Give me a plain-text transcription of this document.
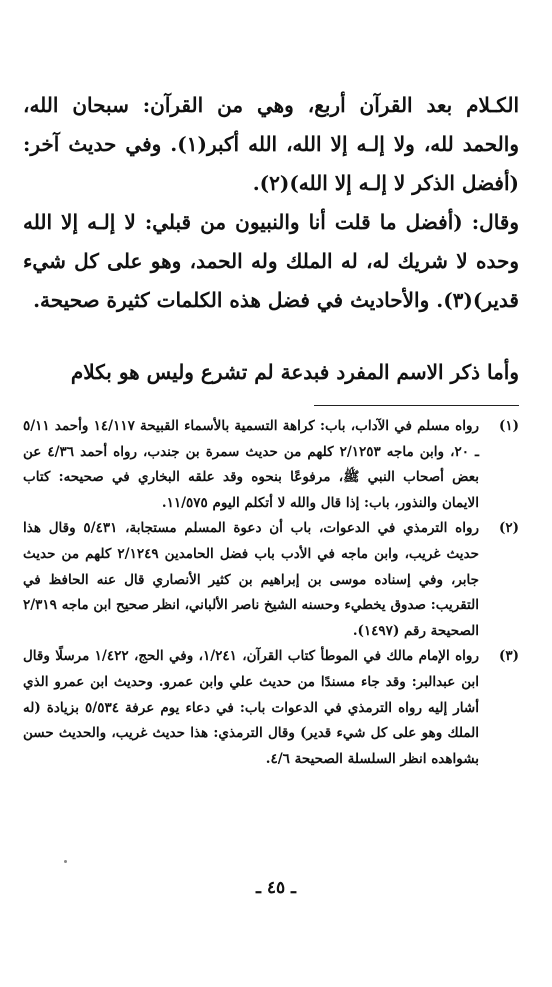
الكـلام بعد القرآن أربع، وهي من القرآن: سبحان الله، والحمد لله، ولا إلـه إلا الله، الله أكبر(١). وفي حديث آخر: (أفضل الذكر لا إلـه إلا الله)(٢).

وقال: (أفضل ما قلت أنا والنبيون من قبلي: لا إلـه إلا الله وحده لا شريك له، له الملك وله الحمد، وهو على كل شيء قدير)(٣). والأحاديث في فضل هذه الكلمات كثيرة صحيحة.

وأما ذكر الاسم المفرد فبدعة لم تشرع وليس هو بكلام

(١)
رواه مسلم في الآداب، باب: كراهة التسمية بالأسماء القبيحة ١٤/١١٧ وأحمد ٥/١١ ـ ٢٠، وابن ماجه ٢/١٢٥٣ كلهم من حديث سمرة بن جندب، رواه أحمد ٤/٣٦ عن بعض أصحاب النبي ﷺ، مرفوعًا بنحوه وقد علقه البخاري في صحيحه: كتاب الايمان والنذور، باب: إذا قال والله لا أتكلم اليوم ١١/٥٧٥.
(٢)
رواه الترمذي في الدعوات، باب أن دعوة المسلم مستجابة، ٥/٤٣١ وقال هذا حديث غريب، وابن ماجه في الأدب باب فضل الحامدين ٢/١٢٤٩ كلهم من حديث جابر، وفي إسناده موسى بن إبراهيم بن كثير الأنصاري قال عنه الحافظ في التقريب: صدوق يخطيء وحسنه الشيخ ناصر الألباني، انظر صحيح ابن ماجه ٢/٣١٩ الصحيحة رقم (١٤٩٧).
(٣)
رواه الإمام مالك في الموطأ كتاب القرآن، ١/٢٤١، وفي الحج، ١/٤٢٢ مرسلًا وقال ابن عبدالبر: وقد جاء مسندًا من حديث علي وابن عمرو. وحديث ابن عمرو الذي أشار إليه رواه الترمذي في الدعوات باب: في دعاء يوم عرفة ٥/٥٣٤ بزيادة (له الملك وهو على كل شيء قدير) وقال الترمذي: هذا حديث غريب، والحديث حسن بشواهده انظر السلسلة الصحيحة ٤/٦.
ـ ٤٥ ـ
